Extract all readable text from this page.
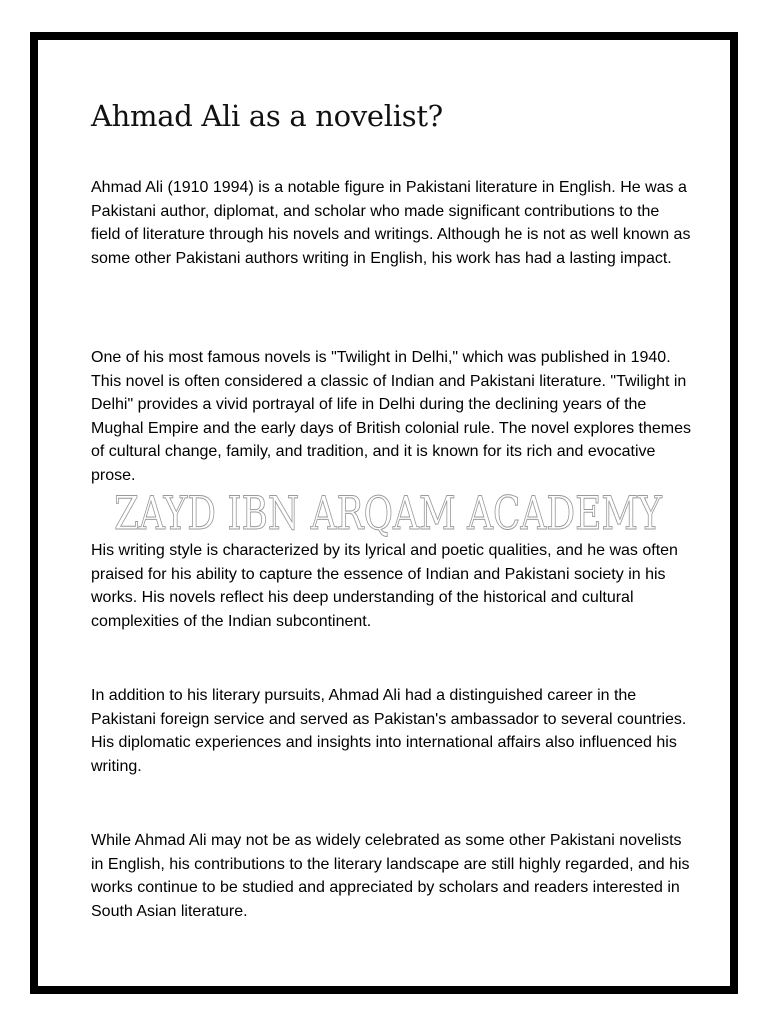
Ahmad Ali as a novelist?

Ahmad Ali (1910 1994) is a notable figure in Pakistani literature in English. He was a Pakistani author, diplomat, and scholar who made significant contributions to the field of literature through his novels and writings. Although he is not as well known as some other Pakistani authors writing in English, his work has had a lasting impact.

One of his most famous novels is "Twilight in Delhi," which was published in 1940. This novel is often considered a classic of Indian and Pakistani literature. "Twilight in Delhi" provides a vivid portrayal of life in Delhi during the declining years of the Mughal Empire and the early days of British colonial rule. The novel explores themes of cultural change, family, and tradition, and it is known for its rich and evocative prose.

ZAYD IBN ARQAM ACADEMY

His writing style is characterized by its lyrical and poetic qualities, and he was often praised for his ability to capture the essence of Indian and Pakistani society in his works. His novels reflect his deep understanding of the historical and cultural complexities of the Indian subcontinent.

In addition to his literary pursuits, Ahmad Ali had a distinguished career in the Pakistani foreign service and served as Pakistan's ambassador to several countries. His diplomatic experiences and insights into international affairs also influenced his writing.

While Ahmad Ali may not be as widely celebrated as some other Pakistani novelists in English, his contributions to the literary landscape are still highly regarded, and his works continue to be studied and appreciated by scholars and readers interested in South Asian literature.
